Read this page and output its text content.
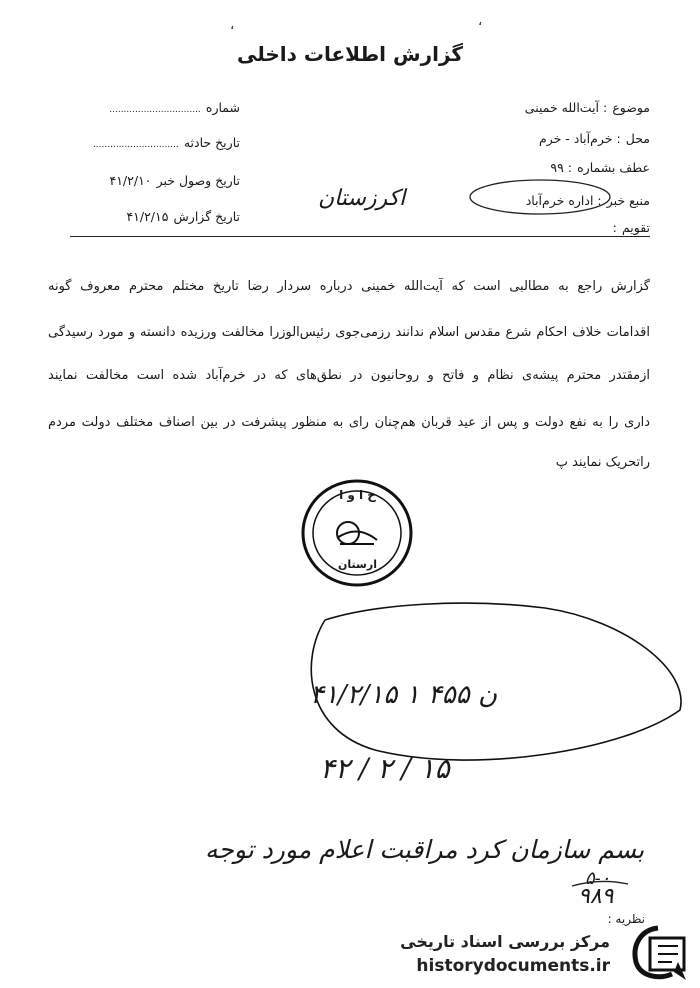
،	،
گزارش اطلاعات داخلی
موضوع : آیت‌الله خمینی
محل : خرم‌آباد - خرم
عطف بشماره : ۹۹
منبع خبر : اداره خرم‌آباد
اکرزستان
تقویم :
شماره ................................
تاریخ حادثه ..............................
تاریخ وصول خبر ۴۱/۲/۱۰
تاریخ گزارش ۴۱/۲/۱۵
گزارش راجع به مطالبی است که آیت‌الله خمینی درباره سردار رضا تاریخ مختلم محترم معروف گونه
اقدامات خلاف احکام شرع مقدس اسلام ندانند رزمی‌جوی رئیس‌الوزرا مخالفت ورزیده دانسته و مورد رسیدگی
ازمقتدر محترم پیشه‌ی نظام و فاتح و روحانیون در نطق‌های که در خرم‌آباد شده‌ است مخالفت نمایند
داری را به نفع دولت و پس از عید قربان هم‌چنان رای به منظور پیشرفت در بین اصناف مختلف دولت مردم
راتحریک نمایند پ
ح ا و ا
ارستان
۴۱/۲/۱۵ ن ۴۵۵ ۱
۴۲ / ۲ / ۱۵
بسم سازمان کرد مراقبت اعلام مورد توجه
۵-۰
۹۸۹
نظریه :
مرکز بررسی اسناد تاریخی
historydocuments.ir
